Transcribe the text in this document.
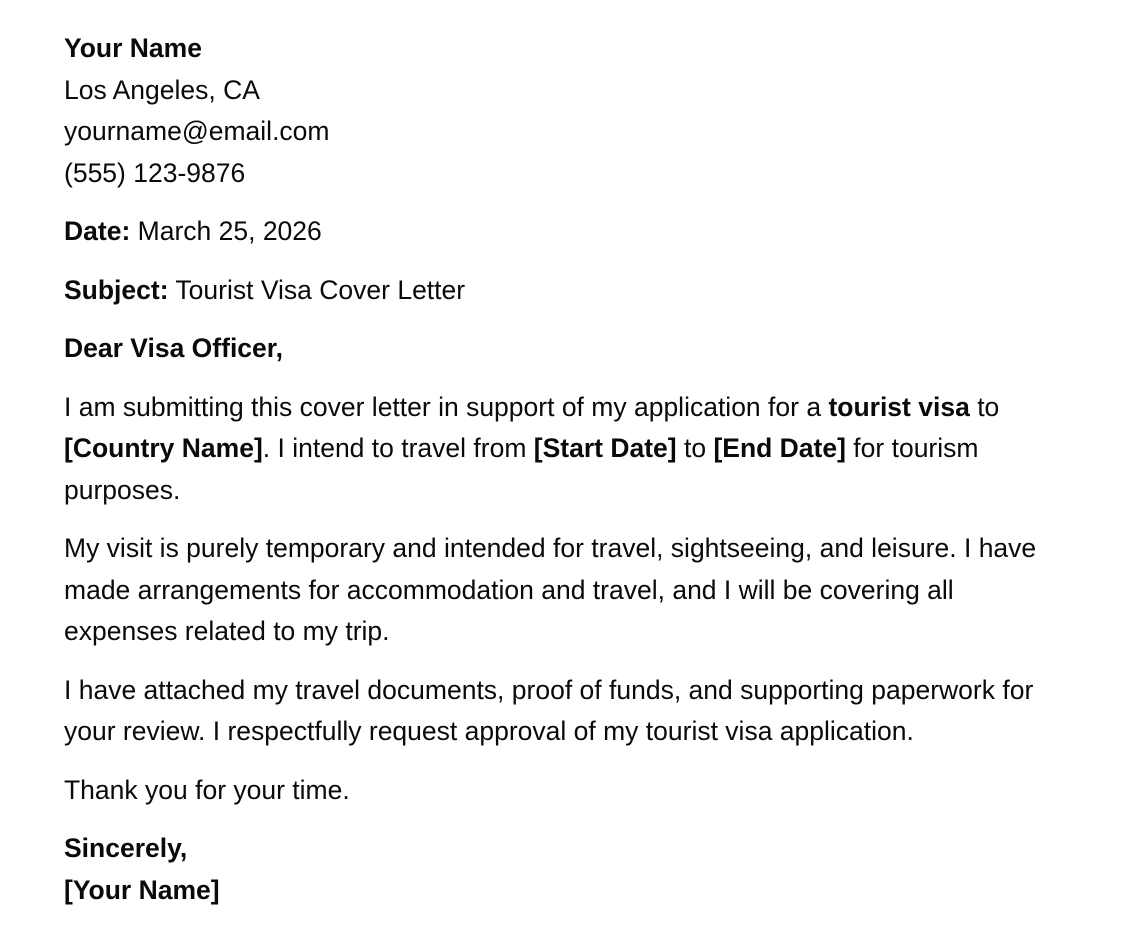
Your Name
Los Angeles, CA
yourname@email.com
(555) 123-9876
Date: March 25, 2026
Subject: Tourist Visa Cover Letter
Dear Visa Officer,
I am submitting this cover letter in support of my application for a tourist visa to
[Country Name]. I intend to travel from [Start Date] to [End Date] for tourism
purposes.
My visit is purely temporary and intended for travel, sightseeing, and leisure. I have
made arrangements for accommodation and travel, and I will be covering all
expenses related to my trip.
I have attached my travel documents, proof of funds, and supporting paperwork for
your review. I respectfully request approval of my tourist visa application.
Thank you for your time.
Sincerely,
[Your Name]
